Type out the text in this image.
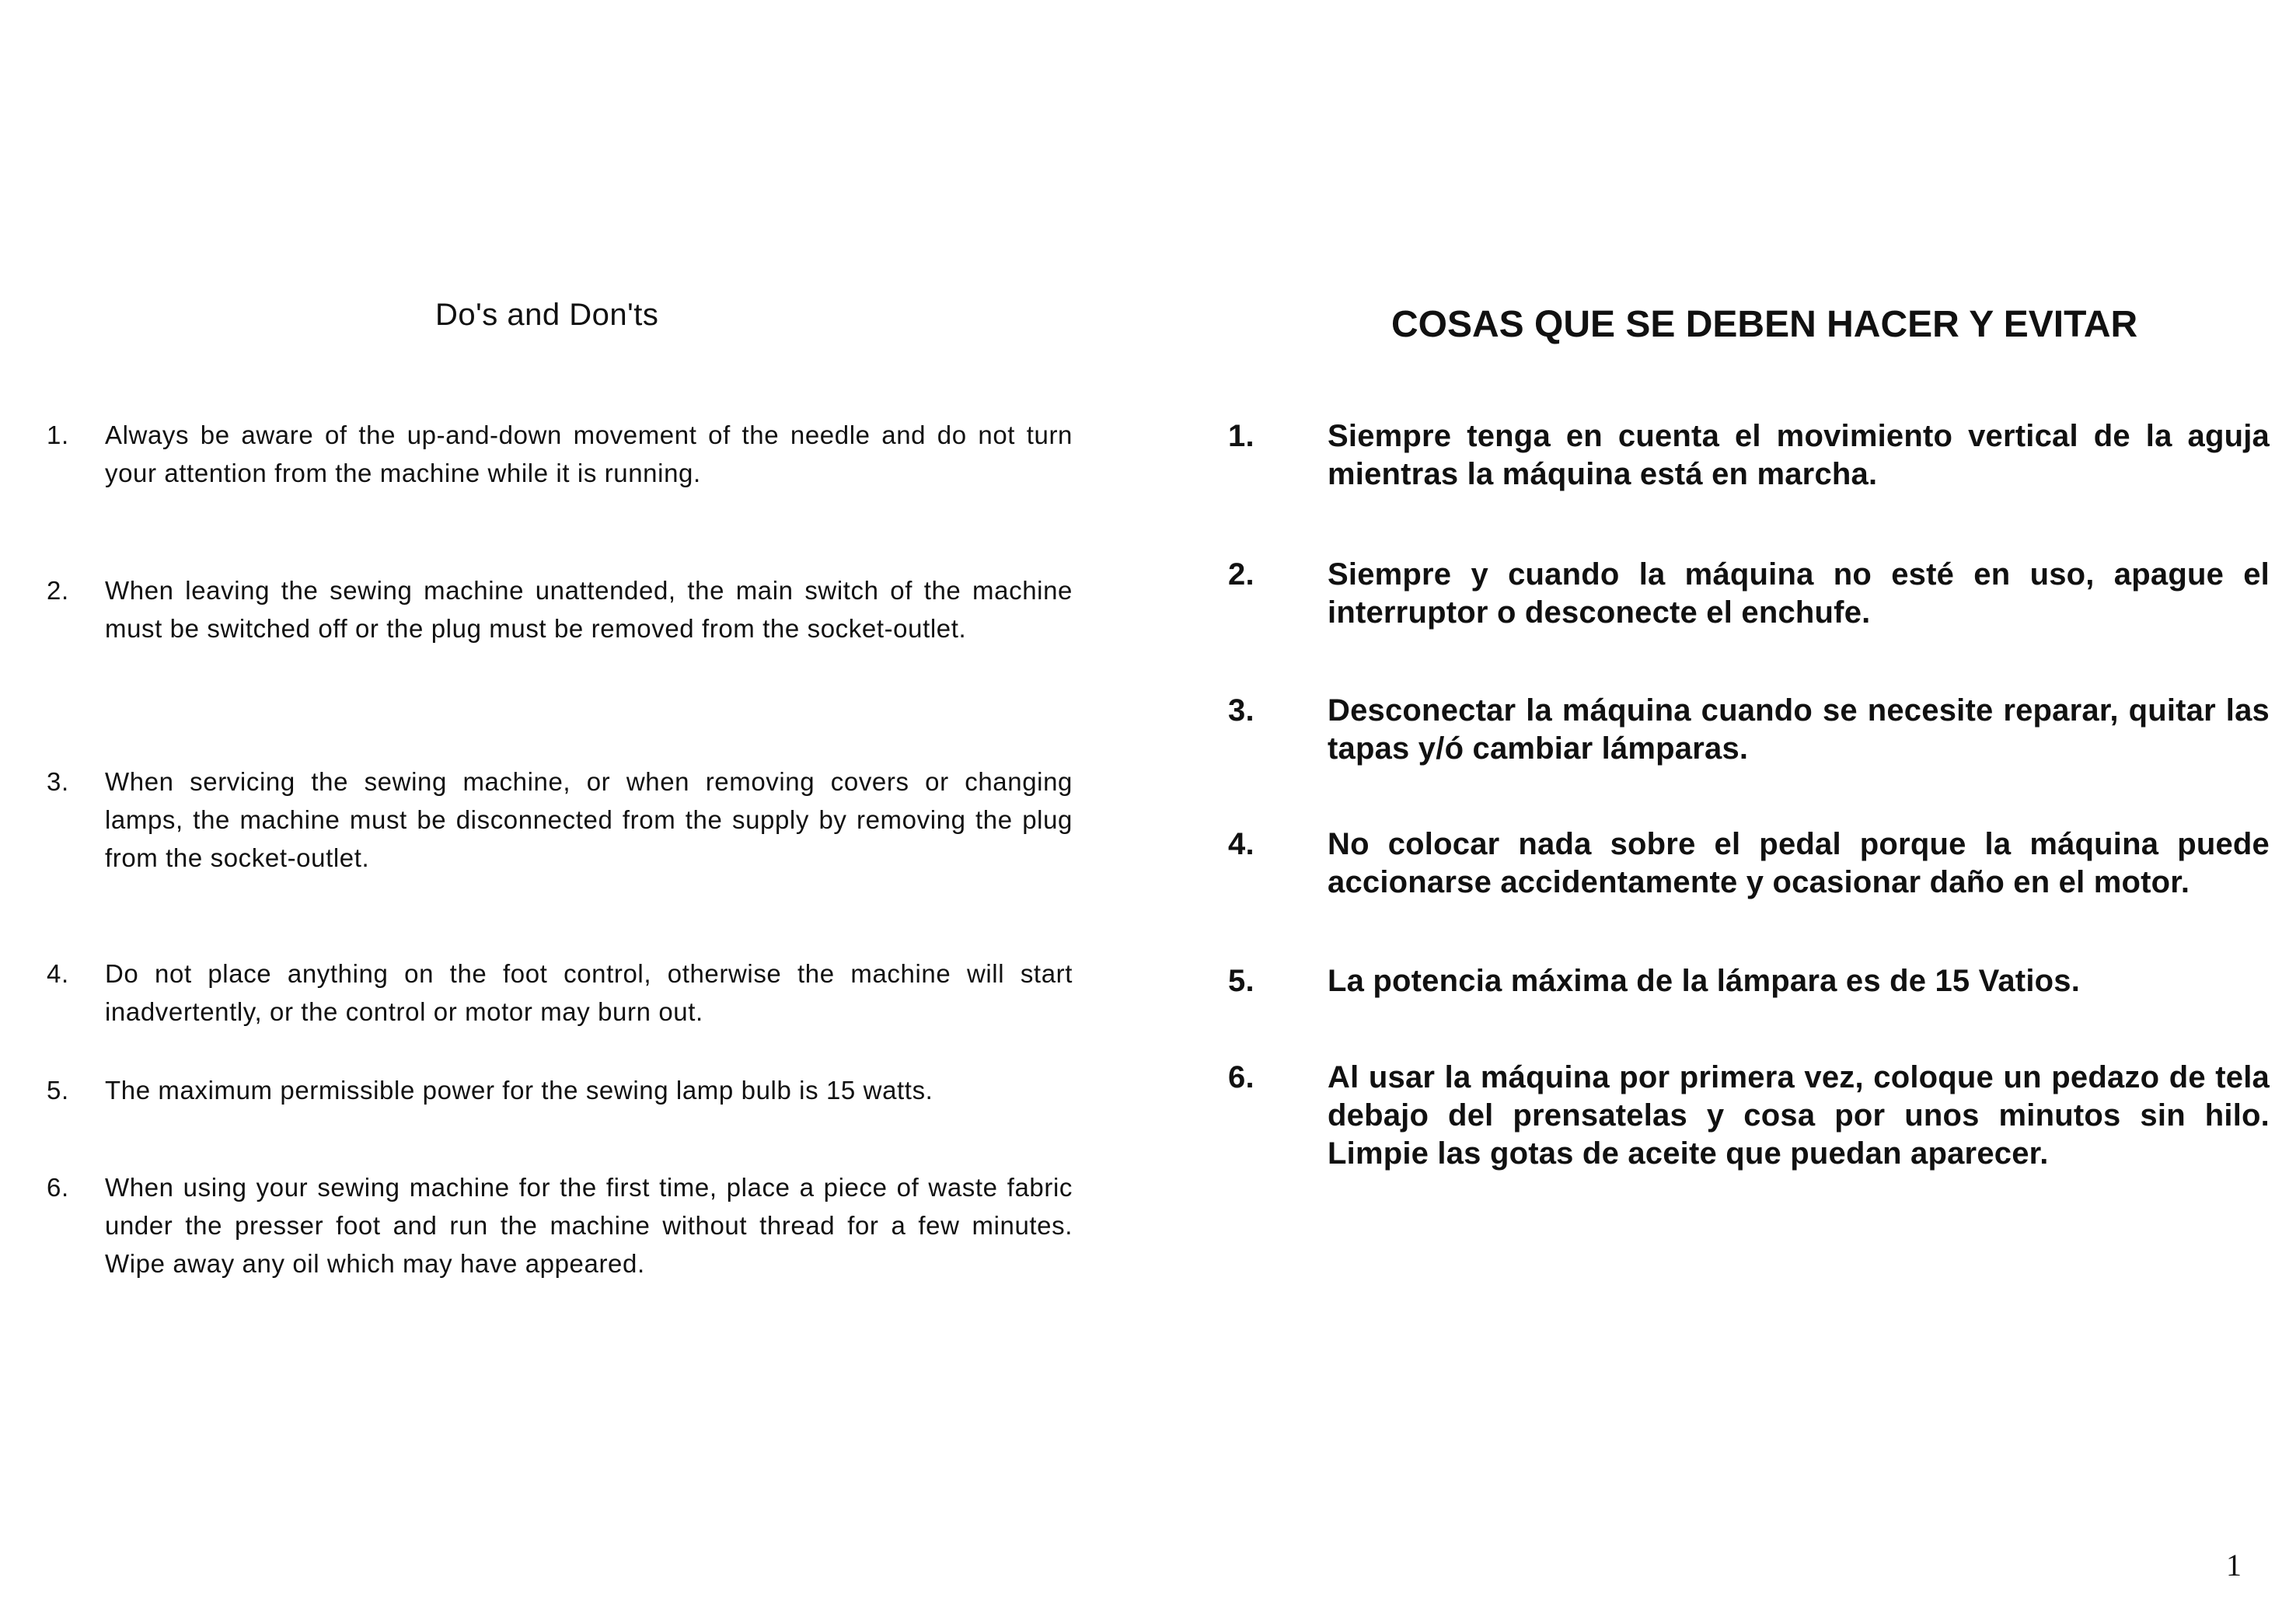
Do's and Don'ts
1.	Always be aware of the up-and-down movement of the needle and do not turn your attention from the machine while it is running.
2.	When leaving the sewing machine unattended, the main switch of the machine must be switched off or the plug must be removed from the socket-outlet.
3.	When servicing the sewing machine, or when removing covers or changing lamps, the machine must be disconnected from the supply by removing the plug from the socket-outlet.
4.	Do not place anything on the foot control, otherwise the machine will start inadvertently, or the control or motor may burn out.
5.	The maximum permissible power for the sewing lamp bulb is 15 watts.
6.	When using your sewing machine for the first time, place a piece of waste fabric under the presser foot and run the machine without thread for a few minutes. Wipe away any oil which may have appeared.
COSAS QUE SE DEBEN HACER Y EVITAR
1.	Siempre tenga en cuenta el movimiento vertical de la aguja mientras la máquina está en marcha.
2.	Siempre y cuando la máquina no esté en uso, apague el interruptor o desconecte el enchufe.
3.	Desconectar la máquina cuando se necesite reparar, quitar las tapas y/ó cambiar lámparas.
4.	No colocar nada sobre el pedal porque la máquina puede accionarse accidentamente y ocasionar daño en el motor.
5.	La potencia máxima de la lámpara es de 15 Vatios.
6.	Al usar la máquina por primera vez, coloque un pedazo de tela debajo del prensatelas y cosa por unos minutos sin hilo. Limpie las gotas de aceite que puedan aparecer.
1
